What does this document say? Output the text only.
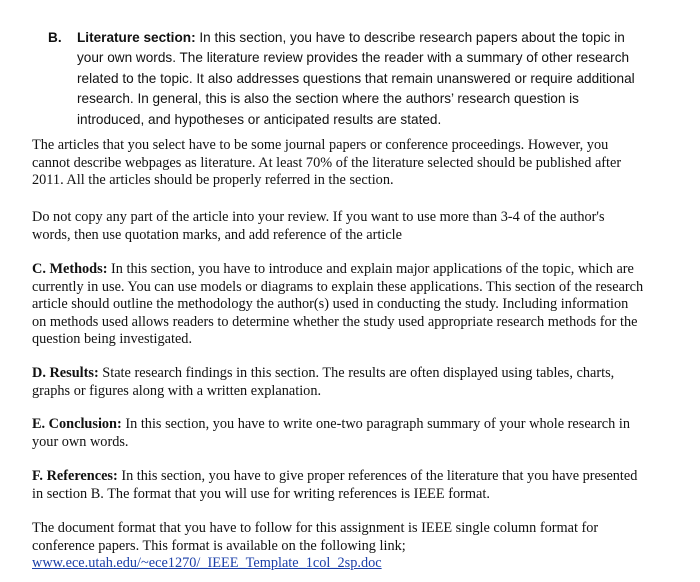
B. Literature section: In this section, you have to describe research papers about the topic in your own words. The literature review provides the reader with a summary of other research related to the topic. It also addresses questions that remain unanswered or require additional research. In general, this is also the section where the authors’ research question is introduced, and hypotheses or anticipated results are stated.
The articles that you select have to be some journal papers or conference proceedings. However, you cannot describe webpages as literature. At least 70% of the literature selected should be published after 2011. All the articles should be properly referred in the section.
Do not copy any part of the article into your review. If you want to use more than 3-4 of the author's words, then use quotation marks, and add reference of the article
C. Methods: In this section, you have to introduce and explain major applications of the topic, which are currently in use. You can use models or diagrams to explain these applications. This section of the research article should outline the methodology the author(s) used in conducting the study. Including information on methods used allows readers to determine whether the study used appropriate research methods for the question being investigated.
D. Results: State research findings in this section. The results are often displayed using tables, charts, graphs or figures along with a written explanation.
E. Conclusion: In this section, you have to write one-two paragraph summary of your whole research in your own words.
F. References: In this section, you have to give proper references of the literature that you have presented in section B. The format that you will use for writing references is IEEE format.
The document format that you have to follow for this assignment is IEEE single column format for conference papers. This format is available on the following link;
www.ece.utah.edu/~ece1270/_IEEE_Template_1col_2sp.doc
